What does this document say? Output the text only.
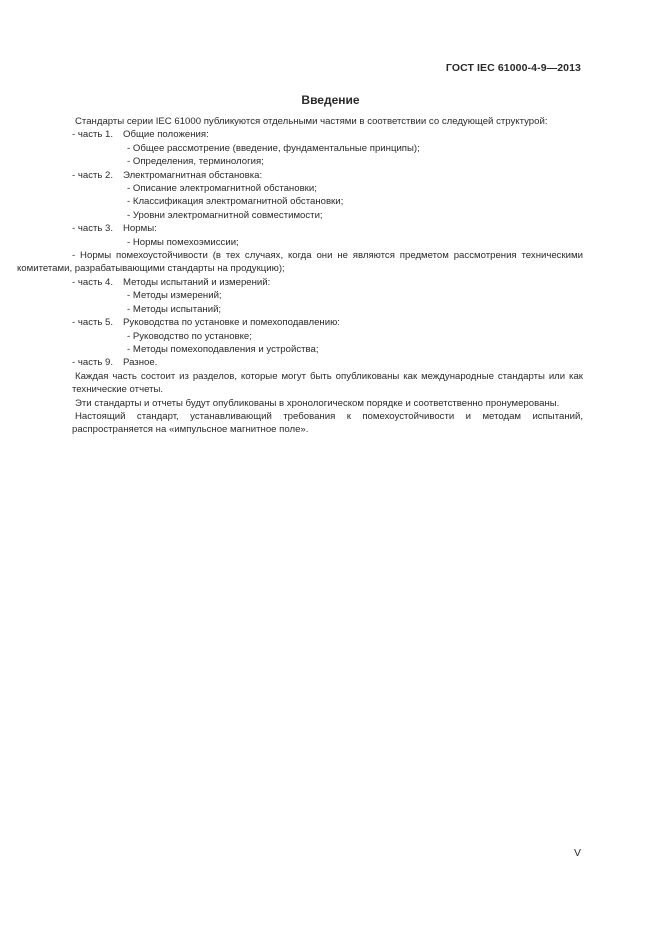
ГОСТ IEC 61000-4-9—2013
Введение
Стандарты серии IEC 61000 публикуются отдельными частями в соответствии со следующей структурой:
- часть 1. Общие положения:
- Общее рассмотрение (введение, фундаментальные принципы);
- Определения, терминология;
- часть 2. Электромагнитная обстановка:
- Описание электромагнитной обстановки;
- Классификация электромагнитной обстановки;
- Уровни электромагнитной совместимости;
- часть 3. Нормы:
- Нормы помехоэмиссии;
- Нормы помехоустойчивости (в тех случаях, когда они не являются предметом рассмотрения техническими комитетами, разрабатывающими стандарты на продукцию);
- часть 4. Методы испытаний и измерений:
- Методы измерений;
- Методы испытаний;
- часть 5. Руководства по установке и помехоподавлению:
- Руководство по установке;
- Методы помехоподавления и устройства;
- часть 9. Разное.
Каждая часть состоит из разделов, которые могут быть опубликованы как международные стандарты или как технические отчеты.
Эти стандарты и отчеты будут опубликованы в хронологическом порядке и соответственно пронумерованы.
Настоящий стандарт, устанавливающий требования к помехоустойчивости и методам испытаний, распространяется на «импульсное магнитное поле».
V
